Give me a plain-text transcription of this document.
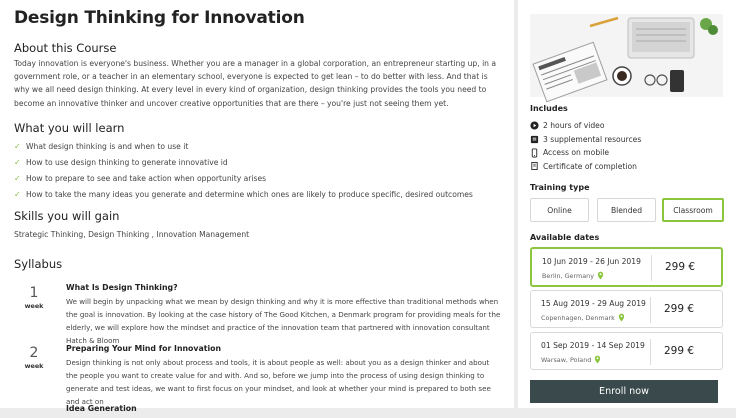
Design Thinking for Innovation
About this Course
Today innovation is everyone's business. Whether you are a manager in a global corporation, an entrepreneur starting up, in a government role, or a teacher in an elementary school, everyone is expected to get lean – to do better with less. And that is why we all need design thinking. At every level in every kind of organization, design thinking provides the tools you need to become an innovative thinker and uncover creative opportunities that are there – you're just not seeing them yet.
What you will learn
✓ What design thinking is and when to use it
✓ How to use design thinking to generate innovative id
✓ How to prepare to see and take action when opportunity arises
✓ How to take the many ideas you generate and determine which ones are likely to produce specific, desired outcomes
Skills you will gain
Strategic Thinking, Design Thinking , Innovation Management
Syllabus
1
week
What Is Design Thinking?
We will begin by unpacking what we mean by design thinking and why it is more effective than traditional methods when the goal is innovation. By looking at the case history of The Good Kitchen, a Denmark program for providing meals for the elderly, we will explore how the mindset and practice of the innovation team that partnered with innovation consultant Hatch & Bloom
2
week
Preparing Your Mind for Innovation
Design thinking is not only about process and tools, it is about people as well: about you as a design thinker and about the people you want to create value for and with. And so, before we jump into the process of using design thinking to generate and test ideas, we want to first focus on your mindset, and look at whether your mind is prepared to both see and act on
Idea Generation
Includes
2 hours of video
3 supplemental resources
Access on mobile
Certificate of completion
Training type
Online	Blended	Classroom
Available dates
10 Jun 2019 - 26 Jun 2019
Berlin, Germany
299 €
15 Aug 2019 - 29 Aug 2019
Copenhagen, Denmark
299 €
01 Sep 2019 - 14 Sep 2019
Warsaw, Poland
299 €
Enroll now
